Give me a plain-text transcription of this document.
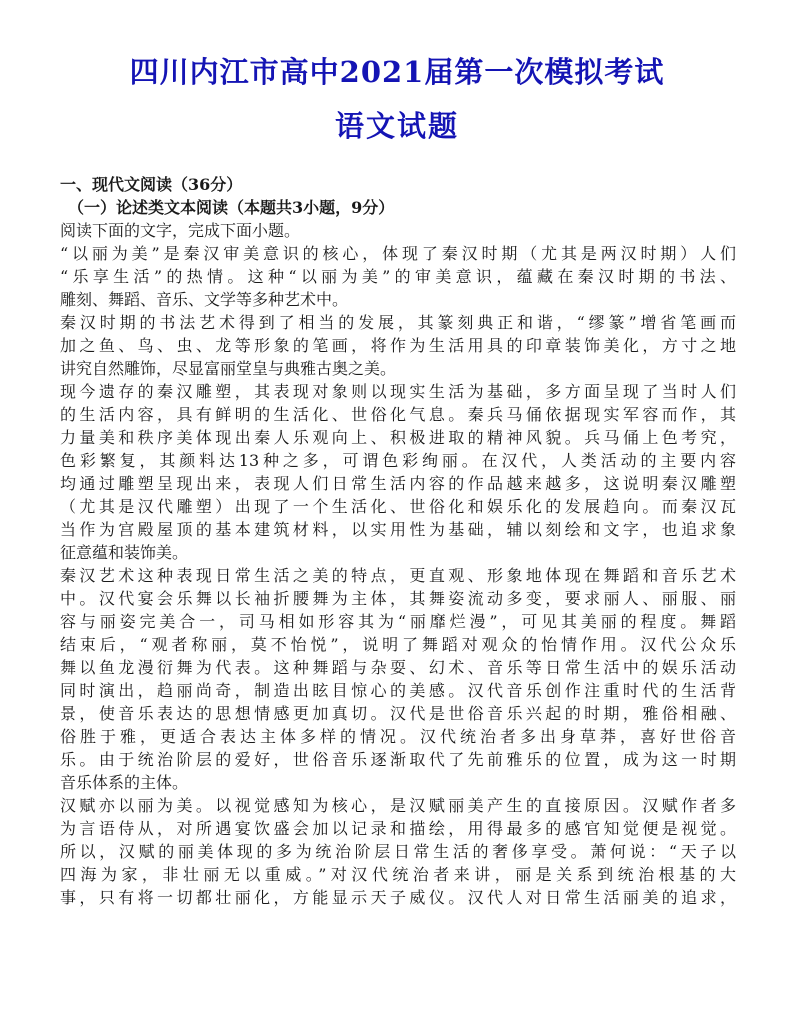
四川内江市高中2021届第一次模拟考试
语文试题
一、现代文阅读（36分）
（一）论述类文本阅读（本题共3小题，9分）
阅读下面的文字，完成下面小题。
“以丽为美”是秦汉审美意识的核心，体现了秦汉时期（尤其是两汉时期）人们
“乐享生活”的热情。这种“以丽为美”的审美意识，蕴藏在秦汉时期的书法、
雕刻、舞蹈、音乐、文学等多种艺术中。
秦汉时期的书法艺术得到了相当的发展，其篆刻典正和谐，“缪篆”增省笔画而
加之鱼、鸟、虫、龙等形象的笔画，将作为生活用具的印章装饰美化，方寸之地
讲究自然雕饰，尽显富丽堂皇与典雅古奥之美。
现今遗存的秦汉雕塑，其表现对象则以现实生活为基础，多方面呈现了当时人们
的生活内容，具有鲜明的生活化、世俗化气息。秦兵马俑依据现实军容而作，其
力量美和秩序美体现出秦人乐观向上、积极进取的精神风貌。兵马俑上色考究，
色彩繁复，其颜料达13种之多，可谓色彩绚丽。在汉代，人类活动的主要内容
均通过雕塑呈现出来，表现人们日常生活内容的作品越来越多，这说明秦汉雕塑
（尤其是汉代雕塑）出现了一个生活化、世俗化和娱乐化的发展趋向。而秦汉瓦
当作为宫殿屋顶的基本建筑材料，以实用性为基础，辅以刻绘和文字，也追求象
征意蕴和装饰美。
秦汉艺术这种表现日常生活之美的特点，更直观、形象地体现在舞蹈和音乐艺术
中。汉代宴会乐舞以长袖折腰舞为主体，其舞姿流动多变，要求丽人、丽服、丽
容与丽姿完美合一，司马相如形容其为“丽靡烂漫”，可见其美丽的程度。舞蹈
结束后，“观者称丽，莫不怡悦”，说明了舞蹈对观众的怡情作用。汉代公众乐
舞以鱼龙漫衍舞为代表。这种舞蹈与杂耍、幻术、音乐等日常生活中的娱乐活动
同时演出，趋丽尚奇，制造出眩目惊心的美感。汉代音乐创作注重时代的生活背
景，使音乐表达的思想情感更加真切。汉代是世俗音乐兴起的时期，雅俗相融、
俗胜于雅，更适合表达主体多样的情况。汉代统治者多出身草莽，喜好世俗音
乐。由于统治阶层的爱好，世俗音乐逐渐取代了先前雅乐的位置，成为这一时期
音乐体系的主体。
汉赋亦以丽为美。以视觉感知为核心，是汉赋丽美产生的直接原因。汉赋作者多
为言语侍从，对所遇宴饮盛会加以记录和描绘，用得最多的感官知觉便是视觉。
所以，汉赋的丽美体现的多为统治阶层日常生活的奢侈享受。萧何说：“天子以
四海为家，非壮丽无以重威。”对汉代统治者来讲，丽是关系到统治根基的大
事，只有将一切都壮丽化，方能显示天子威仪。汉代人对日常生活丽美的追求，
